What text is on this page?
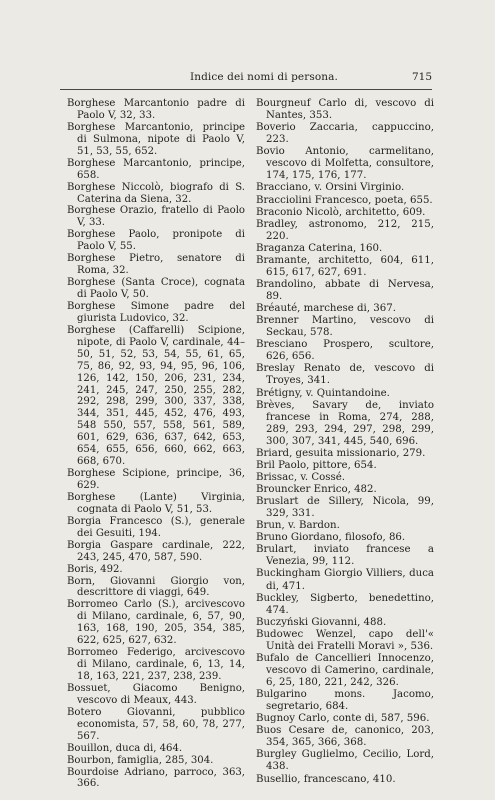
Indice dei nomi di persona.	715

Borghese Marcantonio padre di Paolo V, 32, 33.

Borghese Marcantonio, principe di Sulmona, nipote di Paolo V, 51, 53, 55, 652.

Borghese Marcantonio, principe, 658.

Borghese Niccolò, biografo di S. Caterina da Siena, 32.

Borghese Orazio, fratello di Paolo V, 33.

Borghese Paolo, pronipote di Paolo V, 55.

Borghese Pietro, senatore di Roma, 32.

Borghese (Santa Croce), cognata di Paolo V, 50.

Borghese Simone padre del giurista Ludovico, 32.

Borghese (Caffarelli) Scipione, nipote, di Paolo V, cardinale, 44–50, 51, 52, 53, 54, 55, 61, 65, 75, 86, 92, 93, 94, 95, 96, 106, 126, 142, 150, 206, 231, 234, 241, 245, 247, 250, 255, 282, 292, 298, 299, 300, 337, 338, 344, 351, 445, 452, 476, 493, 548 550, 557, 558, 561, 589, 601, 629, 636, 637, 642, 653, 654, 655, 656, 660, 662, 663, 668, 670.

Borghese Scipione, principe, 36, 629.

Borghese (Lante) Virginia, cognata di Paolo V, 51, 53.

Borgia Francesco (S.), generale dei Gesuiti, 194.

Borgia Gaspare cardinale, 222, 243, 245, 470, 587, 590.

Boris, 492.

Born, Giovanni Giorgio von, descrittore di viaggi, 649.

Borromeo Carlo (S.), arcivescovo di Milano, cardinale, 6, 57, 90, 163, 168, 190, 205, 354, 385, 622, 625, 627, 632.

Borromeo Federigo, arcivescovo di Milano, cardinale, 6, 13, 14, 18, 163, 221, 237, 238, 239.

Bossuet, Giacomo Benigno, vescovo di Meaux, 443.

Botero Giovanni, pubblico economista, 57, 58, 60, 78, 277, 567.

Bouillon, duca di, 464.

Bourbon, famiglia, 285, 304.

Bourdoise Adriano, parroco, 363, 366.

Bourgneuf Carlo di, vescovo di Nantes, 353.

Boverio Zaccaria, cappuccino, 223.

Bovio Antonio, carmelitano, vescovo di Molfetta, consultore, 174, 175, 176, 177.

Bracciano, v. Orsini Virginio.

Bracciolini Francesco, poeta, 655.

Braconio Nicolò, architetto, 609.

Bradley, astronomo, 212, 215, 220.

Braganza Caterina, 160.

Bramante, architetto, 604, 611, 615, 617, 627, 691.

Brandolino, abbate di Nervesa, 89.

Bréauté, marchese di, 367.

Brenner Martino, vescovo di Seckau, 578.

Bresciano Prospero, scultore, 626, 656.

Breslay Renato de, vescovo di Troyes, 341.

Brétigny, v. Quintandoine.

Brèves, Savary de, inviato francese in Roma, 274, 288, 289, 293, 294, 297, 298, 299, 300, 307, 341, 445, 540, 696.

Briard, gesuita missionario, 279.

Bril Paolo, pittore, 654.

Brissac, v. Cossé.

Brouncker Enrico, 482.

Bruslart de Sillery, Nicola, 99, 329, 331.

Brun, v. Bardon.

Bruno Giordano, filosofo, 86.

Brulart, inviato francese a Venezia, 99, 112.

Buckingham Giorgio Villiers, duca di, 471.

Buckley, Sigberto, benedettino, 474.

Buczyński Giovanni, 488.

Budowec Wenzel, capo dell'« Unità dei Fratelli Moravi », 536.

Bufalo de Cancellieri Innocenzo, vescovo di Camerino, cardinale, 6, 25, 180, 221, 242, 326.

Bulgarino mons. Jacomo, segretario, 684.

Bugnoy Carlo, conte di, 587, 596.

Buos Cesare de, canonico, 203, 354, 365, 366, 368.

Burgley Guglielmo, Cecilio, Lord, 438.

Busellio, francescano, 410.
